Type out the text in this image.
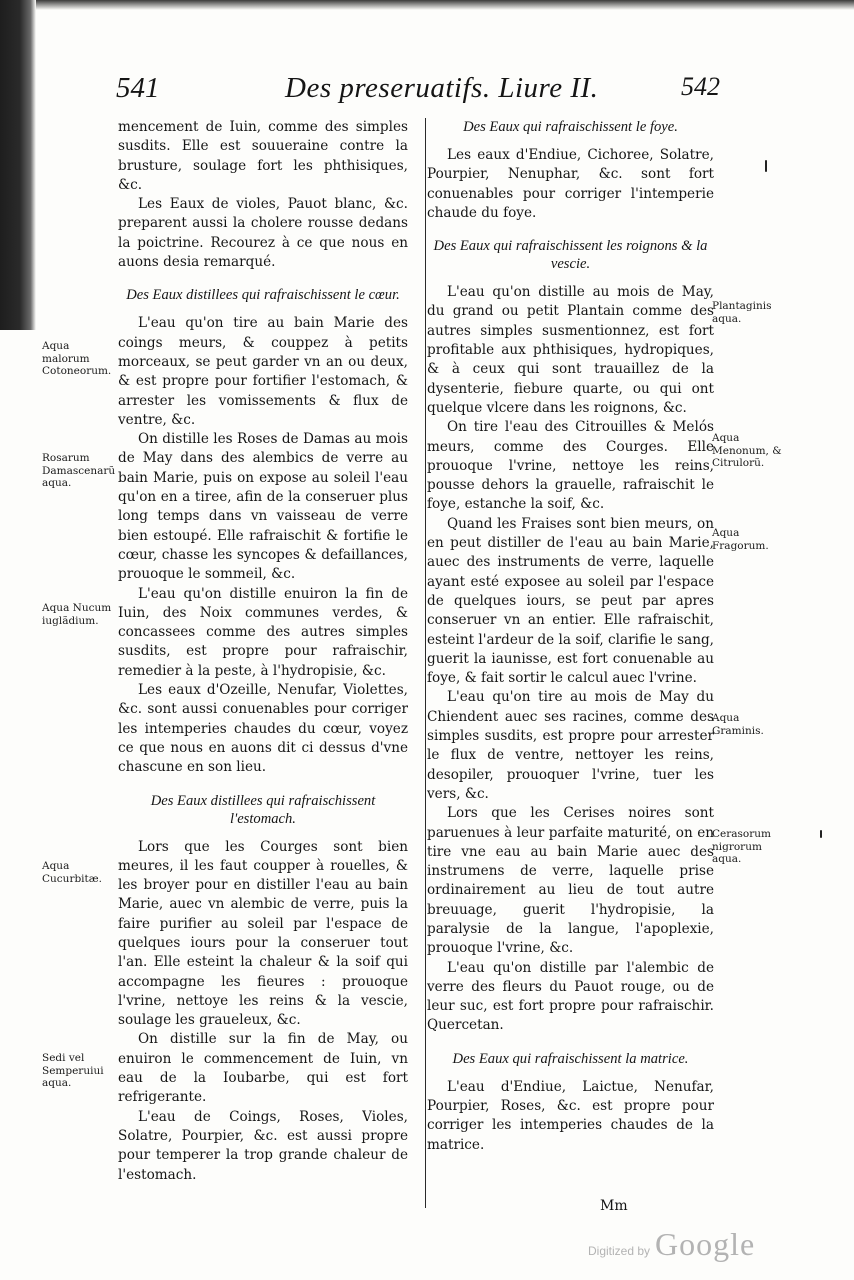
541	Des preseruatifs. Liure II.	542

mencement de Iuin, comme des simples susdits. Elle est souueraine contre la brusture, soulage fort les phthisiques, &c.

Les Eaux de violes, Pauot blanc, &c. preparent aussi la cholere rousse dedans la poictrine. Recourez à ce que nous en auons desia remarqué.

Des Eaux distillees qui rafraischissent le cœur.

L'eau qu'on tire au bain Marie des coings meurs, & couppez à petits morceaux, se peut garder vn an ou deux, & est propre pour fortifier l'estomach, & arrester les vomissements & flux de ventre, &c.

On distille les Roses de Damas au mois de May dans des alembics de verre au bain Marie, puis on expose au soleil l'eau qu'on en a tiree, afin de la conseruer plus long temps dans vn vaisseau de verre bien estoupé. Elle rafraischit & fortifie le cœur, chasse les syncopes & defaillances, prouoque le sommeil, &c.

L'eau qu'on distille enuiron la fin de Iuin, des Noix communes verdes, & concassees comme des autres simples susdits, est propre pour rafraischir, remedier à la peste, à l'hydropisie, &c.

Les eaux d'Ozeille, Nenufar, Violettes, &c. sont aussi conuenables pour corriger les intemperies chaudes du cœur, voyez ce que nous en auons dit ci dessus d'vne chascune en son lieu.

Des Eaux distillees qui rafraischissent l'estomach.

Lors que les Courges sont bien meures, il les faut coupper à rouelles, & les broyer pour en distiller l'eau au bain Marie, auec vn alembic de verre, puis la faire purifier au soleil par l'espace de quelques iours pour la conseruer tout l'an. Elle esteint la chaleur & la soif qui accompagne les fieures : prouoque l'vrine, nettoye les reins & la vescie, soulage les graueleux, &c.

On distille sur la fin de May, ou enuiron le commencement de Iuin, vn eau de la Ioubarbe, qui est fort refrigerante.

L'eau de Coings, Roses, Violes, Solatre, Pourpier, &c. est aussi propre pour temperer la trop grande chaleur de l'estomach.

Des Eaux qui rafraischissent le foye.

Les eaux d'Endiue, Cichoree, Solatre, Pourpier, Nenuphar, &c. sont fort conuenables pour corriger l'intemperie chaude du foye.

Des Eaux qui rafraischissent les roignons & la vescie.

L'eau qu'on distille au mois de May, du grand ou petit Plantain comme des autres simples susmentionnez, est fort profitable aux phthisiques, hydropiques, & à ceux qui sont trauaillez de la dysenterie, fiebure quarte, ou qui ont quelque vlcere dans les roignons, &c.

On tire l'eau des Citrouilles & Melós meurs, comme des Courges. Elle prouoque l'vrine, nettoye les reins, pousse dehors la grauelle, rafraischit le foye, estanche la soif, &c.

Quand les Fraises sont bien meurs, on en peut distiller de l'eau au bain Marie, auec des instruments de verre, laquelle ayant esté exposee au soleil par l'espace de quelques iours, se peut par apres conseruer vn an entier. Elle rafraischit, esteint l'ardeur de la soif, clarifie le sang, guerit la iaunisse, est fort conuenable au foye, & fait sortir le calcul auec l'vrine.

L'eau qu'on tire au mois de May du Chiendent auec ses racines, comme des simples susdits, est propre pour arrester le flux de ventre, nettoyer les reins, desopiler, prouoquer l'vrine, tuer les vers, &c.

Lors que les Cerises noires sont paruenues à leur parfaite maturité, on en tire vne eau au bain Marie auec des instrumens de verre, laquelle prise ordinairement au lieu de tout autre breuuage, guerit l'hydropisie, la paralysie de la langue, l'apoplexie, prouoque l'vrine, &c.

L'eau qu'on distille par l'alembic de verre des fleurs du Pauot rouge, ou de leur suc, est fort propre pour rafraischir. Quercetan.

Des Eaux qui rafraischissent la matrice.

L'eau d'Endiue, Laictue, Nenufar, Pourpier, Roses, &c. est propre pour corriger les intemperies chaudes de la matrice.

Aqua malorum Cotoneorum.
Rosarum Damascenarũ aqua.
Aqua Nucum iuglãdium.
Aqua Cucurbitæ.
Sedi vel Semperuiui aqua.
Plantaginis aqua.
Aqua Menonum, & Citrulorũ.
Aqua Fragorum.
Aqua Graminis.
Cerasorum nigrorum aqua.
Mm
Digitized by Google
